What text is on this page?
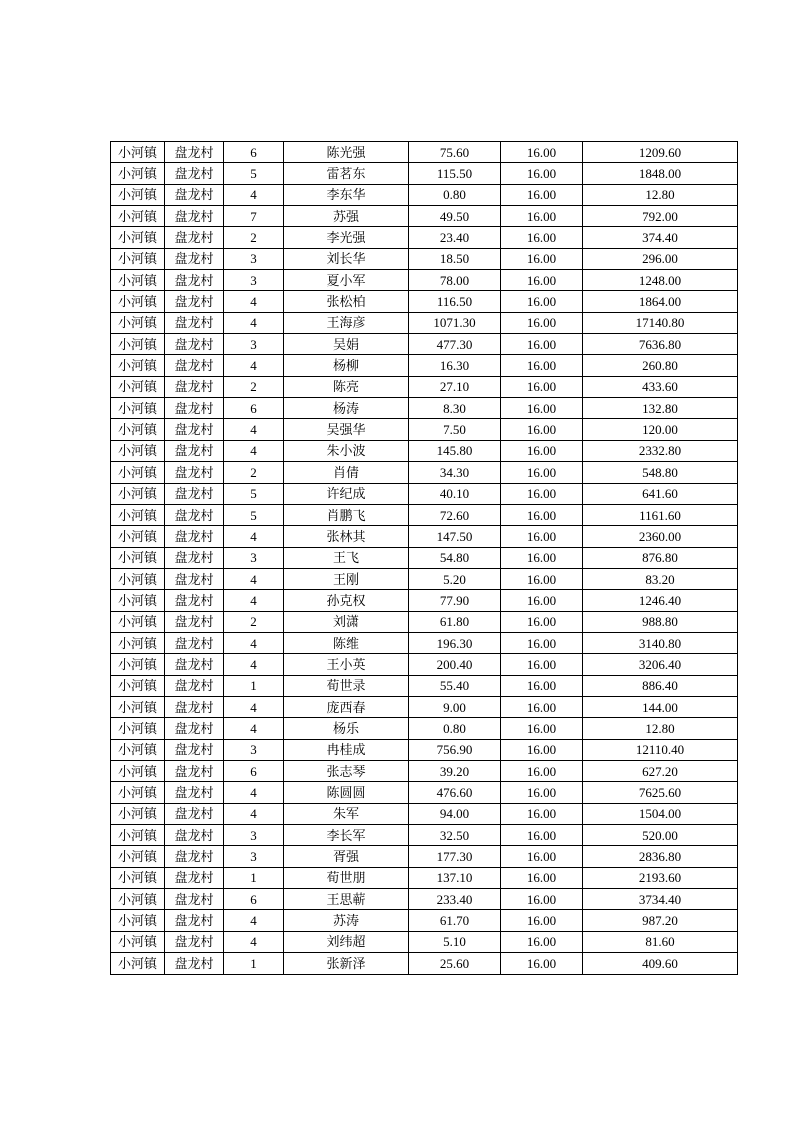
小河镇	盘龙村	6	陈光强	75.60	16.00	1209.60
小河镇	盘龙村	5	雷茗东	115.50	16.00	1848.00
小河镇	盘龙村	4	李东华	0.80	16.00	12.80
小河镇	盘龙村	7	苏强	49.50	16.00	792.00
小河镇	盘龙村	2	李光强	23.40	16.00	374.40
小河镇	盘龙村	3	刘长华	18.50	16.00	296.00
小河镇	盘龙村	3	夏小军	78.00	16.00	1248.00
小河镇	盘龙村	4	张松柏	116.50	16.00	1864.00
小河镇	盘龙村	4	王海彦	1071.30	16.00	17140.80
小河镇	盘龙村	3	吴娟	477.30	16.00	7636.80
小河镇	盘龙村	4	杨柳	16.30	16.00	260.80
小河镇	盘龙村	2	陈亮	27.10	16.00	433.60
小河镇	盘龙村	6	杨涛	8.30	16.00	132.80
小河镇	盘龙村	4	吴强华	7.50	16.00	120.00
小河镇	盘龙村	4	朱小波	145.80	16.00	2332.80
小河镇	盘龙村	2	肖倩	34.30	16.00	548.80
小河镇	盘龙村	5	许纪成	40.10	16.00	641.60
小河镇	盘龙村	5	肖鹏飞	72.60	16.00	1161.60
小河镇	盘龙村	4	张林其	147.50	16.00	2360.00
小河镇	盘龙村	3	王飞	54.80	16.00	876.80
小河镇	盘龙村	4	王刚	5.20	16.00	83.20
小河镇	盘龙村	4	孙克权	77.90	16.00	1246.40
小河镇	盘龙村	2	刘潇	61.80	16.00	988.80
小河镇	盘龙村	4	陈维	196.30	16.00	3140.80
小河镇	盘龙村	4	王小英	200.40	16.00	3206.40
小河镇	盘龙村	1	荀世录	55.40	16.00	886.40
小河镇	盘龙村	4	庞西春	9.00	16.00	144.00
小河镇	盘龙村	4	杨乐	0.80	16.00	12.80
小河镇	盘龙村	3	冉桂成	756.90	16.00	12110.40
小河镇	盘龙村	6	张志琴	39.20	16.00	627.20
小河镇	盘龙村	4	陈圆圆	476.60	16.00	7625.60
小河镇	盘龙村	4	朱军	94.00	16.00	1504.00
小河镇	盘龙村	3	李长军	32.50	16.00	520.00
小河镇	盘龙村	3	胥强	177.30	16.00	2836.80
小河镇	盘龙村	1	荀世朋	137.10	16.00	2193.60
小河镇	盘龙村	6	王思蕲	233.40	16.00	3734.40
小河镇	盘龙村	4	苏涛	61.70	16.00	987.20
小河镇	盘龙村	4	刘纬超	5.10	16.00	81.60
小河镇	盘龙村	1	张新泽	25.60	16.00	409.60
